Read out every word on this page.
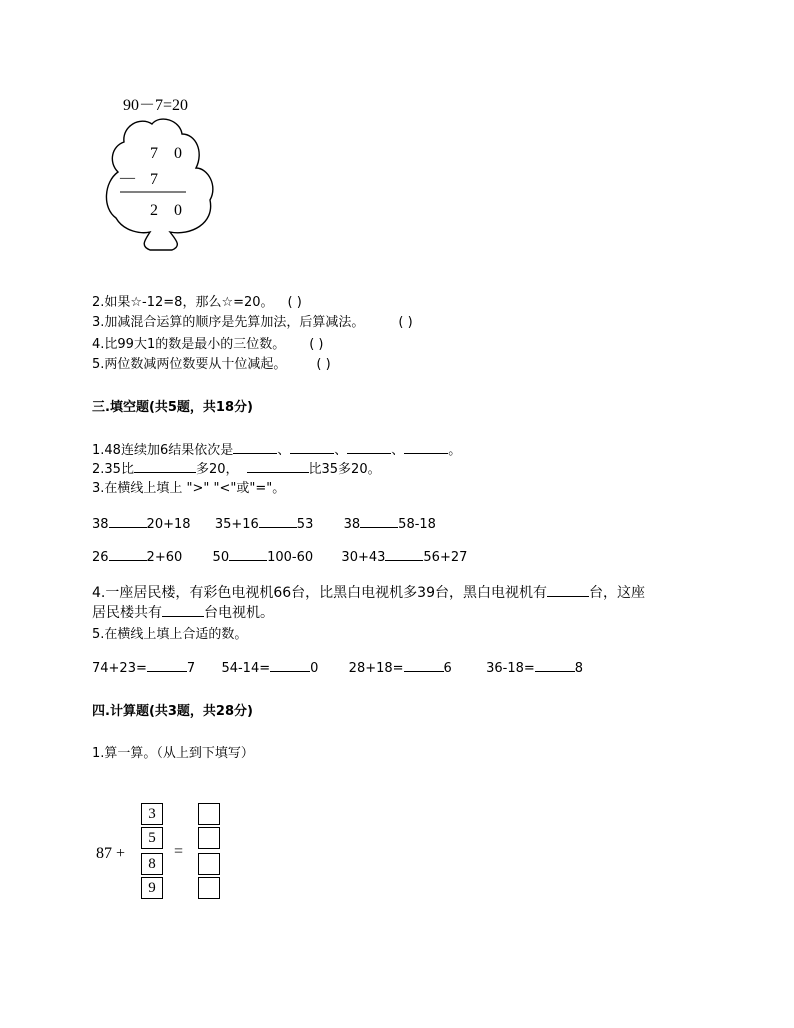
90－7=20
7 0
— 7
2 0
2.如果☆-12=8，那么☆=20。 ( )
3.加减混合运算的顺序是先算加法，后算减法。	( )
4.比99大1的数是最小的三位数。 ( )
5.两位数减两位数要从十位减起。 ( )
三.填空题(共5题，共18分)
1.48连续加6结果依次是	、	、	、	。
2.35比	多20，	比35多20。
3.在横线上填上 ">" "<"或"="。
38	20+18 35+16	53 38	58-18
26	2+60 50	100-60 30+43	56+27
4.一座居民楼，有彩色电视机66台，比黑白电视机多39台，黑白电视机有	台，这座
居民楼共有	台电视机。
5.在横线上填上合适的数。
74+23=	7 54-14=	0 28+18=	6	36-18=	8
四.计算题(共3题，共28分)
1.算一算。（从上到下填写）
87 +
3
5
8
9
=
